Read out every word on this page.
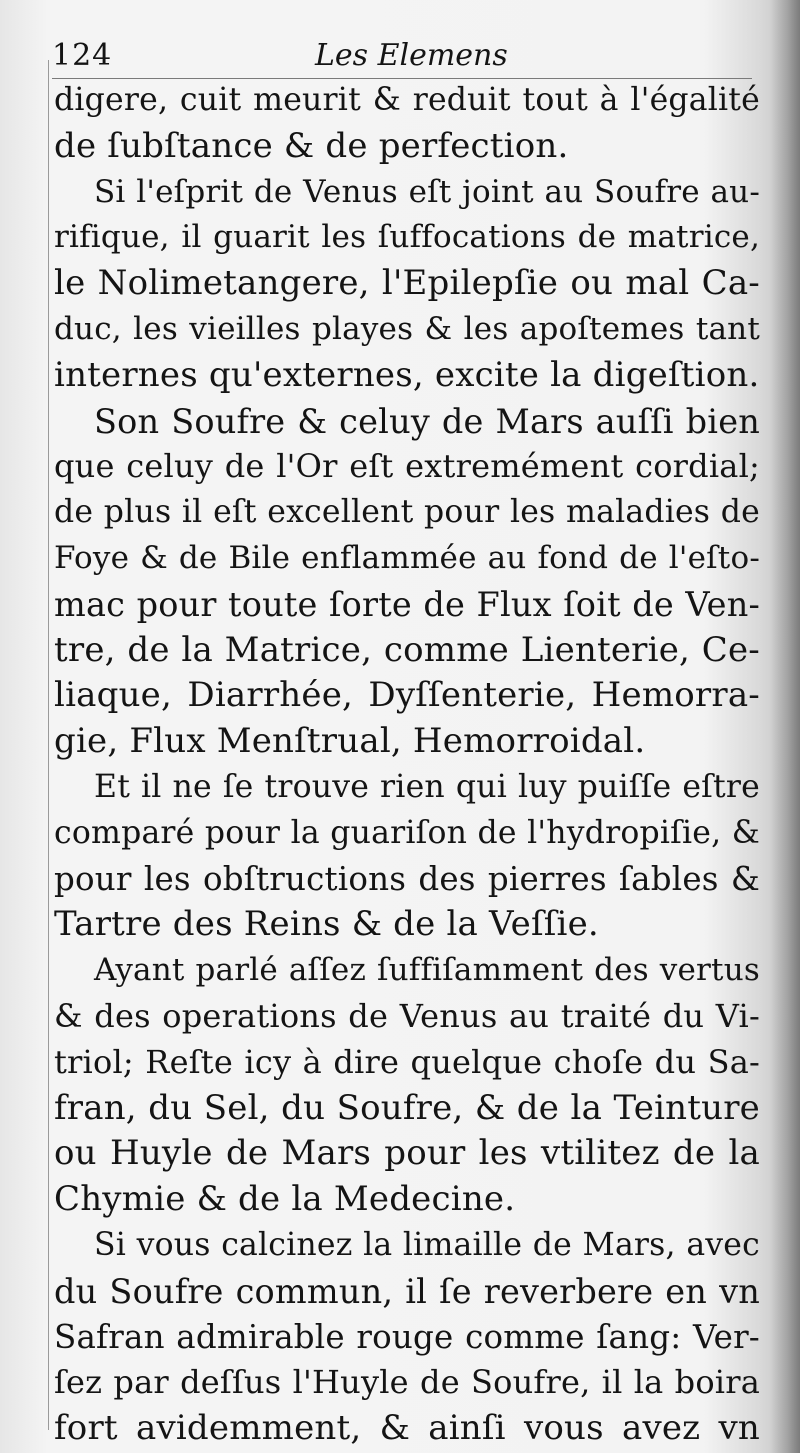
124	Les Elemens
digere, cuit meurit & reduit tout à l'égalité
de ſubſtance & de perfection.
Si l'eſprit de Venus eſt joint au Soufre au-
rifique, il guarit les ſuffocations de matrice,
le Nolimetangere, l'Epilepſie ou mal Ca-
duc, les vieilles playes & les apoſtemes tant
internes qu'externes, excite la digeſtion.
Son Soufre & celuy de Mars auſſi bien
que celuy de l'Or eſt extremément cordial;
de plus il eſt excellent pour les maladies de
Foye & de Bile enflammée au fond de l'eſto-
mac pour toute ſorte de Flux ſoit de Ven-
tre, de la Matrice, comme Lienterie, Ce-
liaque, Diarrhée, Dyſſenterie, Hemorra-
gie, Flux Menſtrual, Hemorroidal.
Et il ne ſe trouve rien qui luy puiſſe eſtre
comparé pour la guariſon de l'hydropiſie, &
pour les obſtructions des pierres ſables &
Tartre des Reins & de la Veſſie.
Ayant parlé aſſez ſuffiſamment des vertus
& des operations de Venus au traité du Vi-
triol; Reſte icy à dire quelque choſe du Sa-
fran, du Sel, du Soufre, & de la Teinture
ou Huyle de Mars pour les vtilitez de la
Chymie & de la Medecine.
Si vous calcinez la limaille de Mars, avec
du Soufre commun, il ſe reverbere en vn
Safran admirable rouge comme ſang: Ver-
ſez par deſſus l'Huyle de Soufre, il la boira
fort avidemment, & ainſi vous avez vn
